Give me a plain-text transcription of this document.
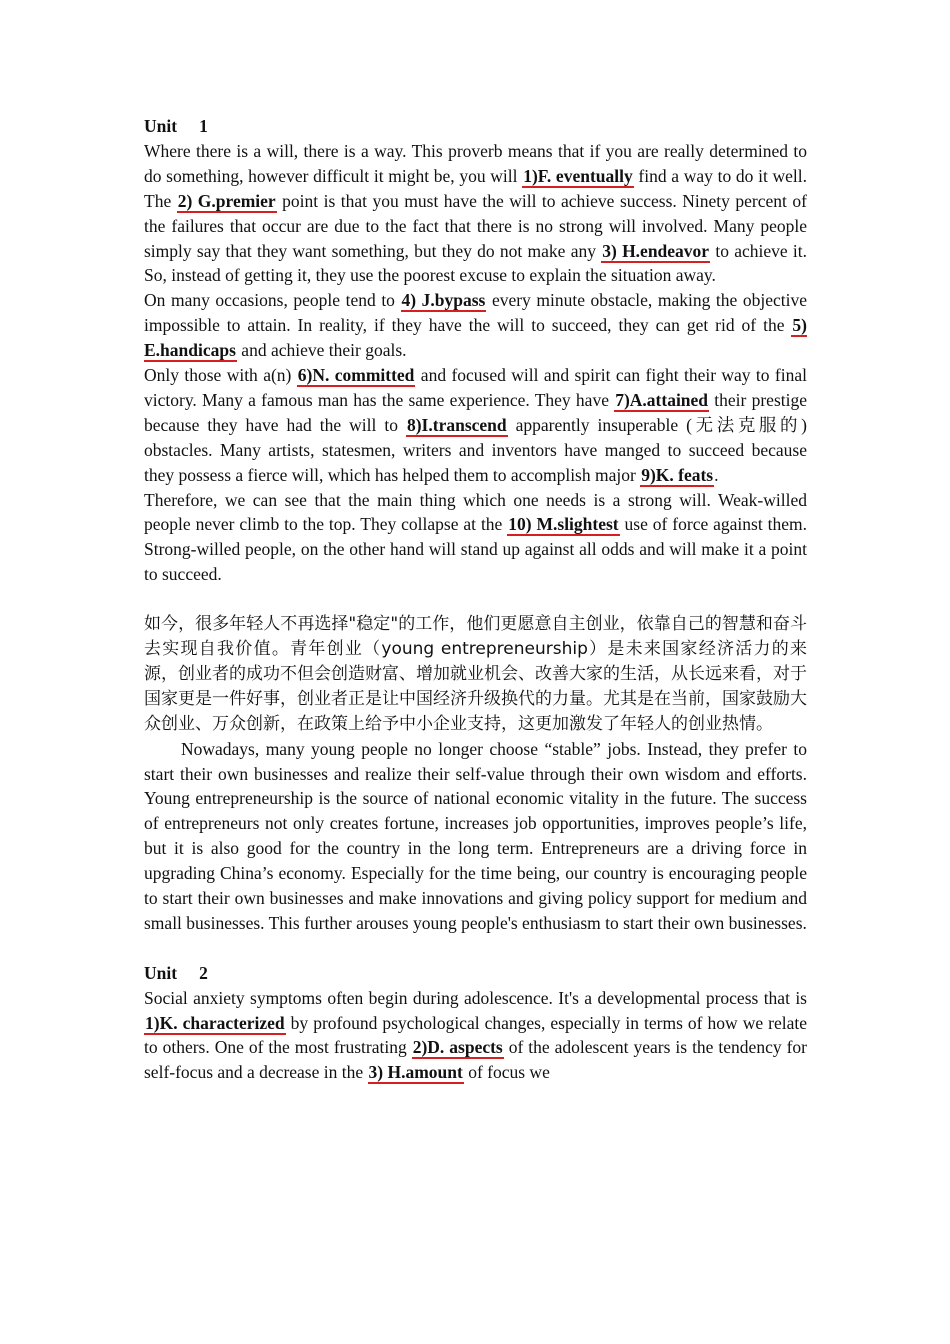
Unit 1

Where there is a will, there is a way. This proverb means that if you are really determined to do something, however difficult it might be, you will 1)F. eventually find a way to do it well. The 2) G.premier point is that you must have the will to achieve success. Ninety percent of the failures that occur are due to the fact that there is no strong will involved. Many people simply say that they want something, but they do not make any 3) H.endeavor to achieve it. So, instead of getting it, they use the poorest excuse to explain the situation away.

On many occasions, people tend to 4) J.bypass every minute obstacle, making the objective impossible to attain. In reality, if they have the will to succeed, they can get rid of the 5) E.handicaps and achieve their goals.

Only those with a(n) 6)N. committed and focused will and spirit can fight their way to final victory. Many a famous man has the same experience. They have 7)A.attained their prestige because they have had the will to 8)I.transcend apparently insuperable (无法克服的) obstacles. Many artists, statesmen, writers and inventors have manged to succeed because they possess a fierce will, which has helped them to accomplish major 9)K. feats.

Therefore, we can see that the main thing which one needs is a strong will. Weak-willed people never climb to the top. They collapse at the 10) M.slightest use of force against them. Strong-willed people, on the other hand will stand up against all odds and will make it a point to succeed.

如今，很多年轻人不再选择"稳定"的工作，他们更愿意自主创业，依靠自己的智慧和奋斗去实现自我价值。青年创业（young entrepreneurship）是未来国家经济活力的来源，创业者的成功不但会创造财富、增加就业机会、改善大家的生活，从长远来看，对于国家更是一件好事，创业者正是让中国经济升级换代的力量。尤其是在当前，国家鼓励大众创业、万众创新，在政策上给予中小企业支持，这更加激发了年轻人的创业热情。

Nowadays, many young people no longer choose “stable” jobs. Instead, they prefer to start their own businesses and realize their self-value through their own wisdom and efforts. Young entrepreneurship is the source of national economic vitality in the future. The success of entrepreneurs not only creates fortune, increases job opportunities, improves people’s life, but it is also good for the country in the long term. Entrepreneurs are a driving force in upgrading China’s economy. Especially for the time being, our country is encouraging people to start their own businesses and make innovations and giving policy support for medium and small businesses. This further arouses young people's enthusiasm to start their own businesses.

Unit 2

Social anxiety symptoms often begin during adolescence. It's a developmental process that is 1)K. characterized by profound psychological changes, especially in terms of how we relate to others. One of the most frustrating 2)D. aspects of the adolescent years is the tendency for self-focus and a decrease in the 3) H.amount of focus we
